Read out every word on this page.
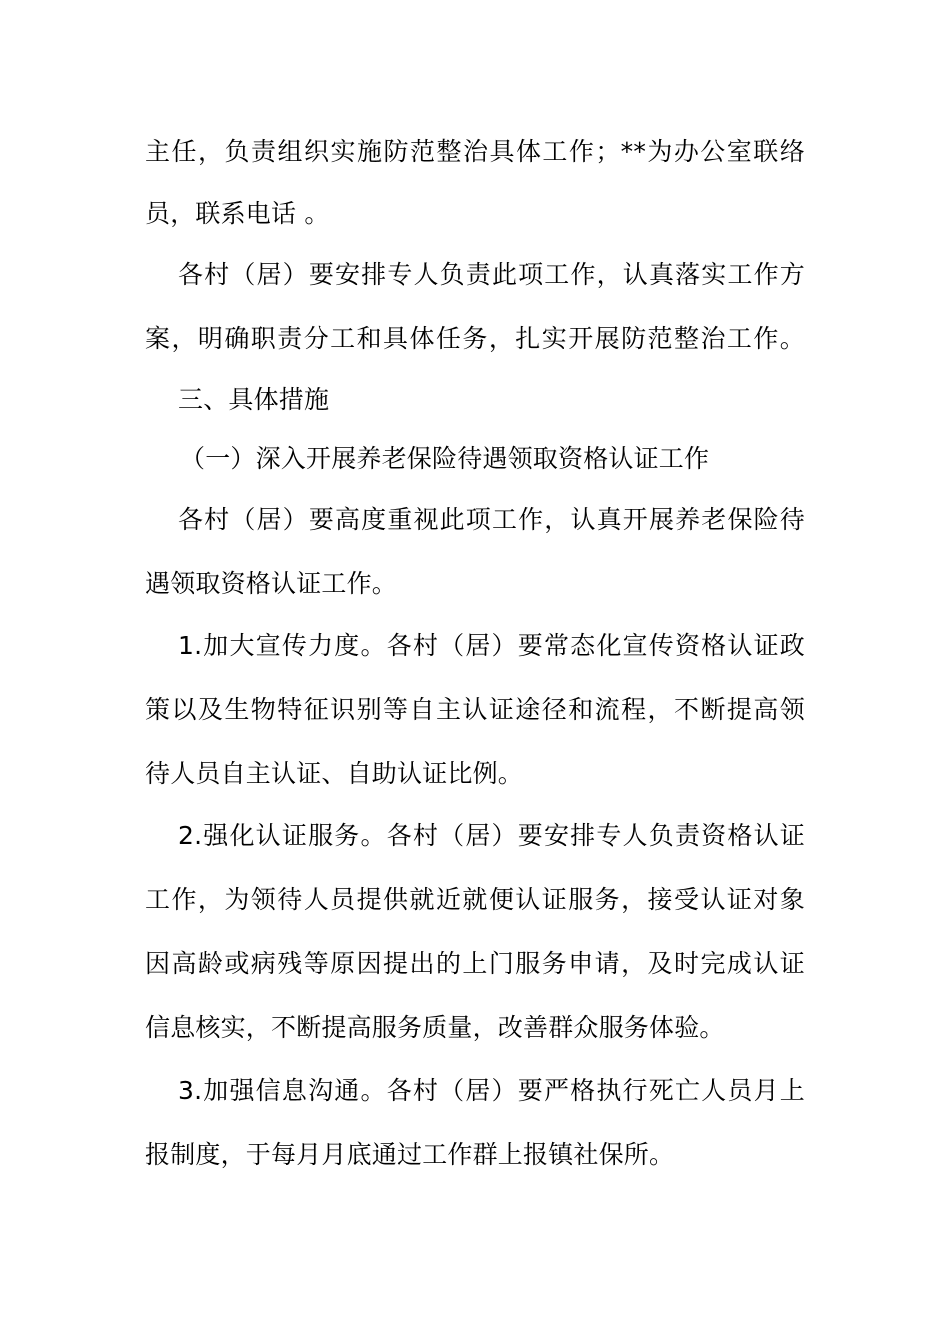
主任，负责组织实施防范整治具体工作；**为办公室联络
员，联系电话 。
各村（居）要安排专人负责此项工作，认真落实工作方
案，明确职责分工和具体任务，扎实开展防范整治工作。
三、具体措施
（一）深入开展养老保险待遇领取资格认证工作
各村（居）要高度重视此项工作，认真开展养老保险待
遇领取资格认证工作。
1.加大宣传力度。各村（居）要常态化宣传资格认证政
策以及生物特征识别等自主认证途径和流程，不断提高领
待人员自主认证、自助认证比例。
2.强化认证服务。各村（居）要安排专人负责资格认证
工作，为领待人员提供就近就便认证服务，接受认证对象
因高龄或病残等原因提出的上门服务申请，及时完成认证
信息核实，不断提高服务质量，改善群众服务体验。
3.加强信息沟通。各村（居）要严格执行死亡人员月上
报制度，于每月月底通过工作群上报镇社保所。
